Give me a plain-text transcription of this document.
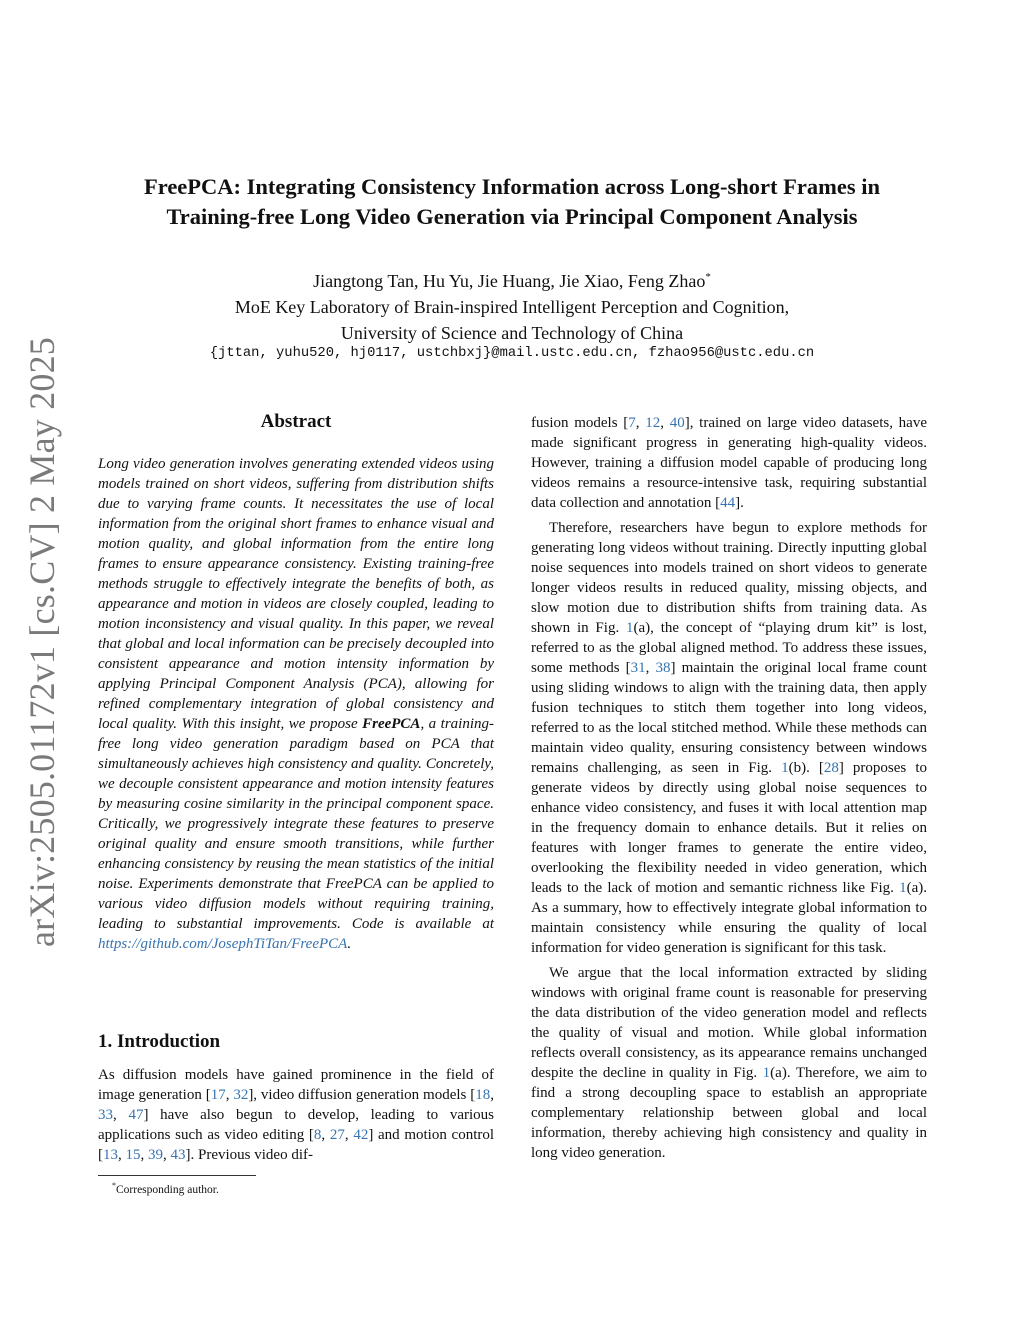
arXiv:2505.01172v1 [cs.CV] 2 May 2025
FreePCA: Integrating Consistency Information across Long-short Frames in
Training-free Long Video Generation via Principal Component Analysis
Jiangtong Tan, Hu Yu, Jie Huang, Jie Xiao, Feng Zhao*
MoE Key Laboratory of Brain-inspired Intelligent Perception and Cognition,
University of Science and Technology of China
{jttan, yuhu520, hj0117, ustchbxj}@mail.ustc.edu.cn, fzhao956@ustc.edu.cn
Abstract
Long video generation involves generating extended videos using models trained on short videos, suffering from distribution shifts due to varying frame counts. It necessitates the use of local information from the original short frames to enhance visual and motion quality, and global information from the entire long frames to ensure appearance consistency. Existing training-free methods struggle to effectively integrate the benefits of both, as appearance and motion in videos are closely coupled, leading to motion inconsistency and visual quality. In this paper, we reveal that global and local information can be precisely decoupled into consistent appearance and motion intensity information by applying Principal Component Analysis (PCA), allowing for refined complementary integration of global consistency and local quality. With this insight, we propose FreePCA, a training-free long video generation paradigm based on PCA that simultaneously achieves high consistency and quality. Concretely, we decouple consistent appearance and motion intensity features by measuring cosine similarity in the principal component space. Critically, we progressively integrate these features to preserve original quality and ensure smooth transitions, while further enhancing consistency by reusing the mean statistics of the initial noise. Experiments demonstrate that FreePCA can be applied to various video diffusion models without requiring training, leading to substantial improvements. Code is available at https://github.com/JosephTiTan/FreePCA.
1. Introduction
As diffusion models have gained prominence in the field of image generation [17, 32], video diffusion generation models [18, 33, 47] have also begun to develop, leading to various applications such as video editing [8, 27, 42] and motion control [13, 15, 39, 43]. Previous video dif-

fusion models [7, 12, 40], trained on large video datasets, have made significant progress in generating high-quality videos. However, training a diffusion model capable of producing long videos remains a resource-intensive task, requiring substantial data collection and annotation [44].

Therefore, researchers have begun to explore methods for generating long videos without training. Directly inputting global noise sequences into models trained on short videos to generate longer videos results in reduced quality, missing objects, and slow motion due to distribution shifts from training data. As shown in Fig. 1(a), the concept of “playing drum kit” is lost, referred to as the global aligned method. To address these issues, some methods [31, 38] maintain the original local frame count using sliding windows to align with the training data, then apply fusion techniques to stitch them together into long videos, referred to as the local stitched method. While these methods can maintain video quality, ensuring consistency between windows remains challenging, as seen in Fig. 1(b). [28] proposes to generate videos by directly using global noise sequences to enhance video consistency, and fuses it with local attention map in the frequency domain to enhance details. But it relies on features with longer frames to generate the entire video, overlooking the flexibility needed in video generation, which leads to the lack of motion and semantic richness like Fig. 1(a). As a summary, how to effectively integrate global information to maintain consistency while ensuring the quality of local information for video generation is significant for this task.

We argue that the local information extracted by sliding windows with original frame count is reasonable for preserving the data distribution of the video generation model and reflects the quality of visual and motion. While global information reflects overall consistency, as its appearance remains unchanged despite the decline in quality in Fig. 1(a). Therefore, we aim to find a strong decoupling space to establish an appropriate complementary relationship between global and local information, thereby achieving high consistency and quality in long video generation.

*Corresponding author.
